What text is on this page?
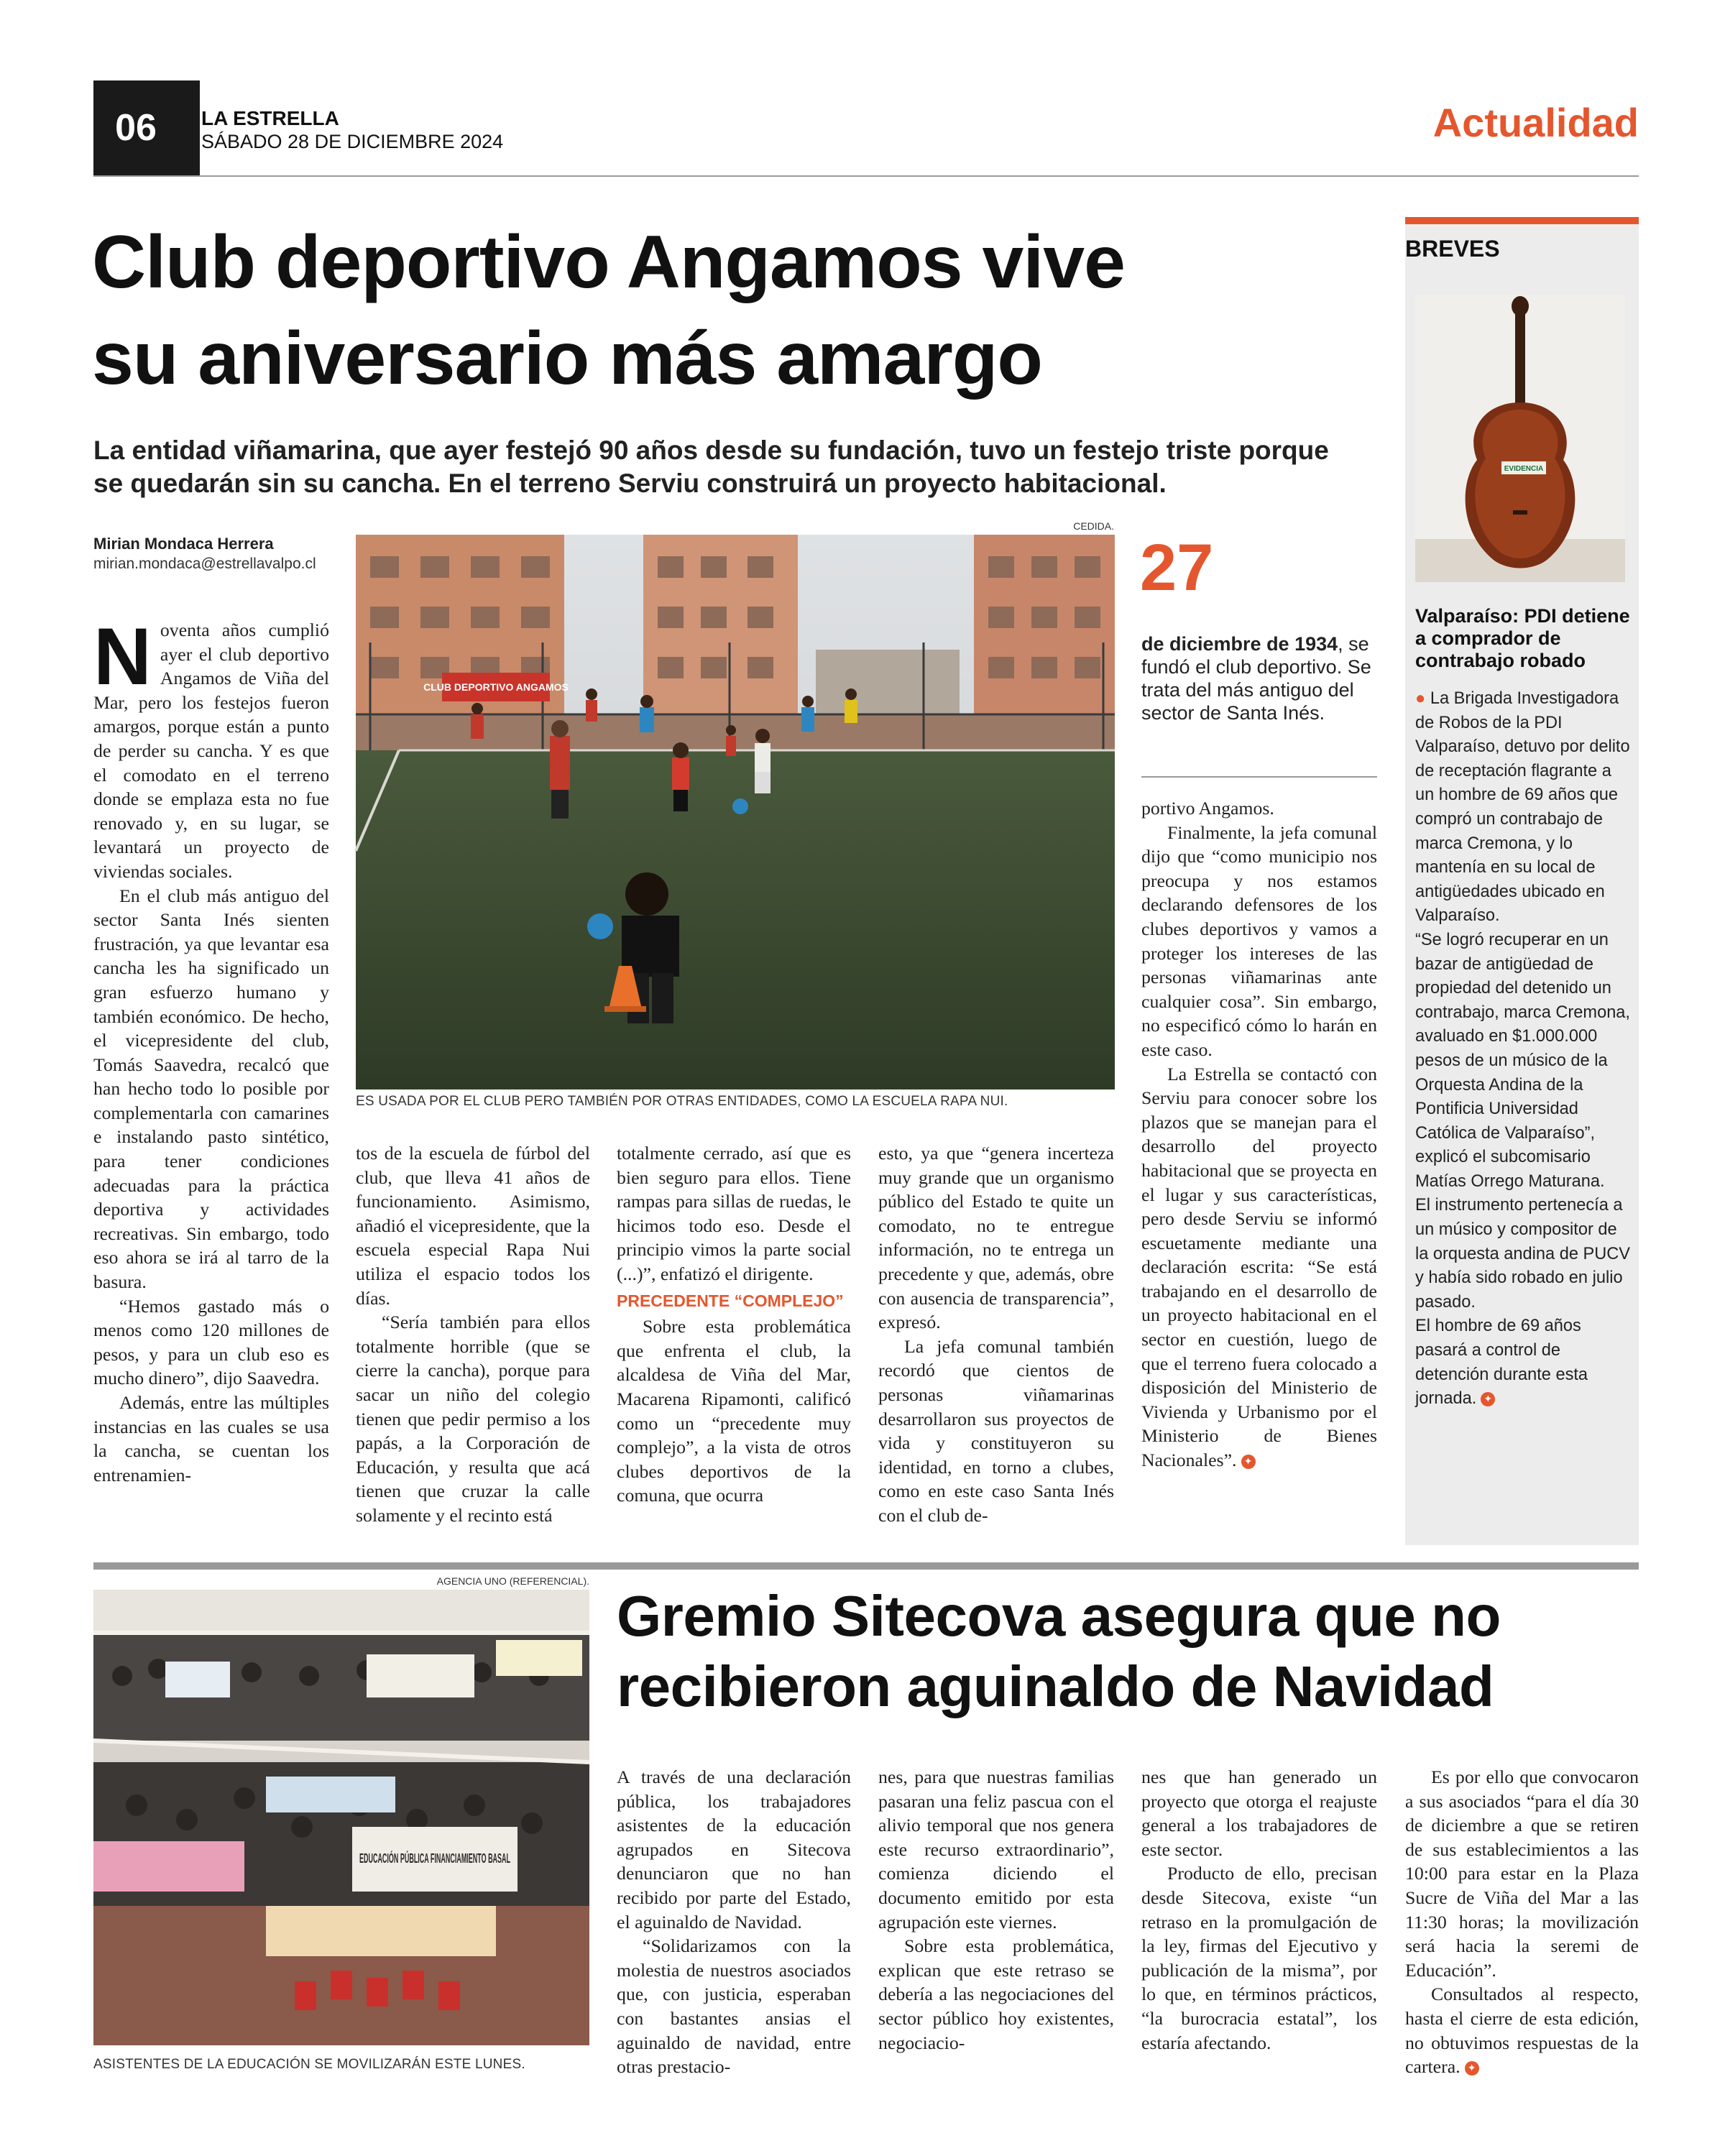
06	LA ESTRELLA
SÁBADO 28 DE DICIEMBRE 2024	Actualidad
Club deportivo Angamos vive
su aniversario más amargo
La entidad viñamarina, que ayer festejó 90 años desde su fundación, tuvo un festejo triste porque se quedarán sin su cancha. En el terreno Serviu construirá un proyecto habitacional.
Mirian Mondaca Herrera
mirian.mondaca@estrellavalpo.cl
CEDIDA.
CLUB DEPORTIVO ANGAMOS
ES USADA POR EL CLUB PERO TAMBIÉN POR OTRAS ENTIDADES, COMO LA ESCUELA RAPA NUI.
27
de diciembre de 1934, se fundó el club deportivo. Se trata del más antiguo del sector de Santa Inés.
N oventa años cumplió ayer el club deportivo Angamos de Viña del Mar, pero los festejos fueron amargos, porque están a punto de perder su cancha. Y es que el comodato en el terreno donde se emplaza esta no fue renovado y, en su lugar, se levantará un proyecto de viviendas sociales.

En el club más antiguo del sector Santa Inés sienten frustración, ya que levantar esa cancha les ha significado un gran esfuerzo humano y también económico. De hecho, el vicepresidente del club, Tomás Saavedra, recalcó que han hecho todo lo posible por complementarla con camarines e instalando pasto sintético, para tener condiciones adecuadas para la práctica deportiva y actividades recreativas. Sin embargo, todo eso ahora se irá al tarro de la basura.

“Hemos gastado más o menos como 120 millones de pesos, y para un club eso es mucho dinero”, dijo Saavedra.

Además, entre las múltiples instancias en las cuales se usa la cancha, se cuentan los entrenamien-

tos de la escuela de fúrbol del club, que lleva 41 años de funcionamiento. Asimismo, añadió el vicepresidente, que la escuela especial Rapa Nui utiliza el espacio todos los días.

“Sería también para ellos totalmente horrible (que se cierre la cancha), porque para sacar un niño del colegio tienen que pedir permiso a los papás, a la Corporación de Educación, y resulta que acá tienen que cruzar la calle solamente y el recinto está

totalmente cerrado, así que es bien seguro para ellos. Tiene rampas para sillas de ruedas, le hicimos todo eso. Desde el principio vimos la parte social (...)”, enfatizó el dirigente.

PRECEDENTE “COMPLEJO”

Sobre esta problemática que enfrenta el club, la alcaldesa de Viña del Mar, Macarena Ripamonti, calificó como un “precedente muy complejo”, a la vista de otros clubes deportivos de la comuna, que ocurra

esto, ya que “genera incerteza muy grande que un organismo público del Estado te quite un comodato, no te entregue información, no te entrega un precedente y que, además, obre con ausencia de transparencia”, expresó.

La jefa comunal también recordó que cientos de personas viñamarinas desarrollaron sus proyectos de vida y constituyeron su identidad, en torno a clubes, como en este caso Santa Inés con el club de-

portivo Angamos.

Finalmente, la jefa comunal dijo que “como municipio nos preocupa y nos estamos declarando defensores de los clubes deportivos y vamos a proteger los intereses de las personas viñamarinas ante cualquier cosa”. Sin embargo, no especificó cómo lo harán en este caso.

La Estrella se contactó con Serviu para conocer sobre los plazos que se manejan para el desarrollo del proyecto habitacional que se proyecta en el lugar y sus características, pero desde Serviu se informó escuetamente mediante una declaración escrita: “Se está trabajando en el desarrollo de un proyecto habitacional en el sector en cuestión, luego de que el terreno fuera colocado a disposición del Ministerio de Vivienda y Urbanismo por el Ministerio de Bienes Nacionales”. ✦

BREVES
EVIDENCIA
Valparaíso: PDI detiene a comprador de contrabajo robado
● La Brigada Investigadora de Robos de la PDI Valparaíso, detuvo por delito de receptación flagrante a un hombre de 69 años que compró un contrabajo de marca Cremona, y lo mantenía en su local de antigüedades ubicado en Valparaíso.
“Se logró recuperar en un bazar de antigüedad de propiedad del detenido un contrabajo, marca Cremona, avaluado en $1.000.000 pesos de un músico de la Orquesta Andina de la Pontificia Universidad Católica de Valparaíso”, explicó el subcomisario Matías Orrego Maturana.
El instrumento pertenecía a un músico y compositor de la orquesta andina de PUCV y había sido robado en julio pasado.
El hombre de 69 años pasará a control de detención durante esta jornada. ✦
AGENCIA UNO (REFERENCIAL).
ASISTENTES DE LA EDUCACIÓN SE MOVILIZARÁN ESTE LUNES.
Gremio Sitecova asegura que no
recibieron aguinaldo de Navidad

A través de una declaración pública, los trabajadores asistentes de la educación agrupados en Sitecova denunciaron que no han recibido por parte del Estado, el aguinaldo de Navidad.

“Solidarizamos con la molestia de nuestros asociados que, con justicia, esperaban con bastantes ansias el aguinaldo de navidad, entre otras prestacio-

nes, para que nuestras familias pasaran una feliz pascua con el alivio temporal que nos genera este recurso extraordinario”, comienza diciendo el documento emitido por esta agrupación este viernes.

Sobre esta problemática, explican que este retraso se debería a las negociaciones del sector público hoy existentes, negociacio-

nes que han generado un proyecto que otorga el reajuste general a los trabajadores de este sector.

Producto de ello, precisan desde Sitecova, existe “un retraso en la promulgación de la ley, firmas del Ejecutivo y publicación de la misma”, por lo que, en términos prácticos, “la burocracia estatal”, los estaría afectando.

Es por ello que convocaron a sus asociados “para el día 30 de diciembre a que se retiren de sus establecimientos a las 10:00 para estar en la Plaza Sucre de Viña del Mar a las 11:30 horas; la movilización será hacia la seremi de Educación”.

Consultados al respecto, hasta el cierre de esta edición, no obtuvimos respuestas de la cartera. ✦
